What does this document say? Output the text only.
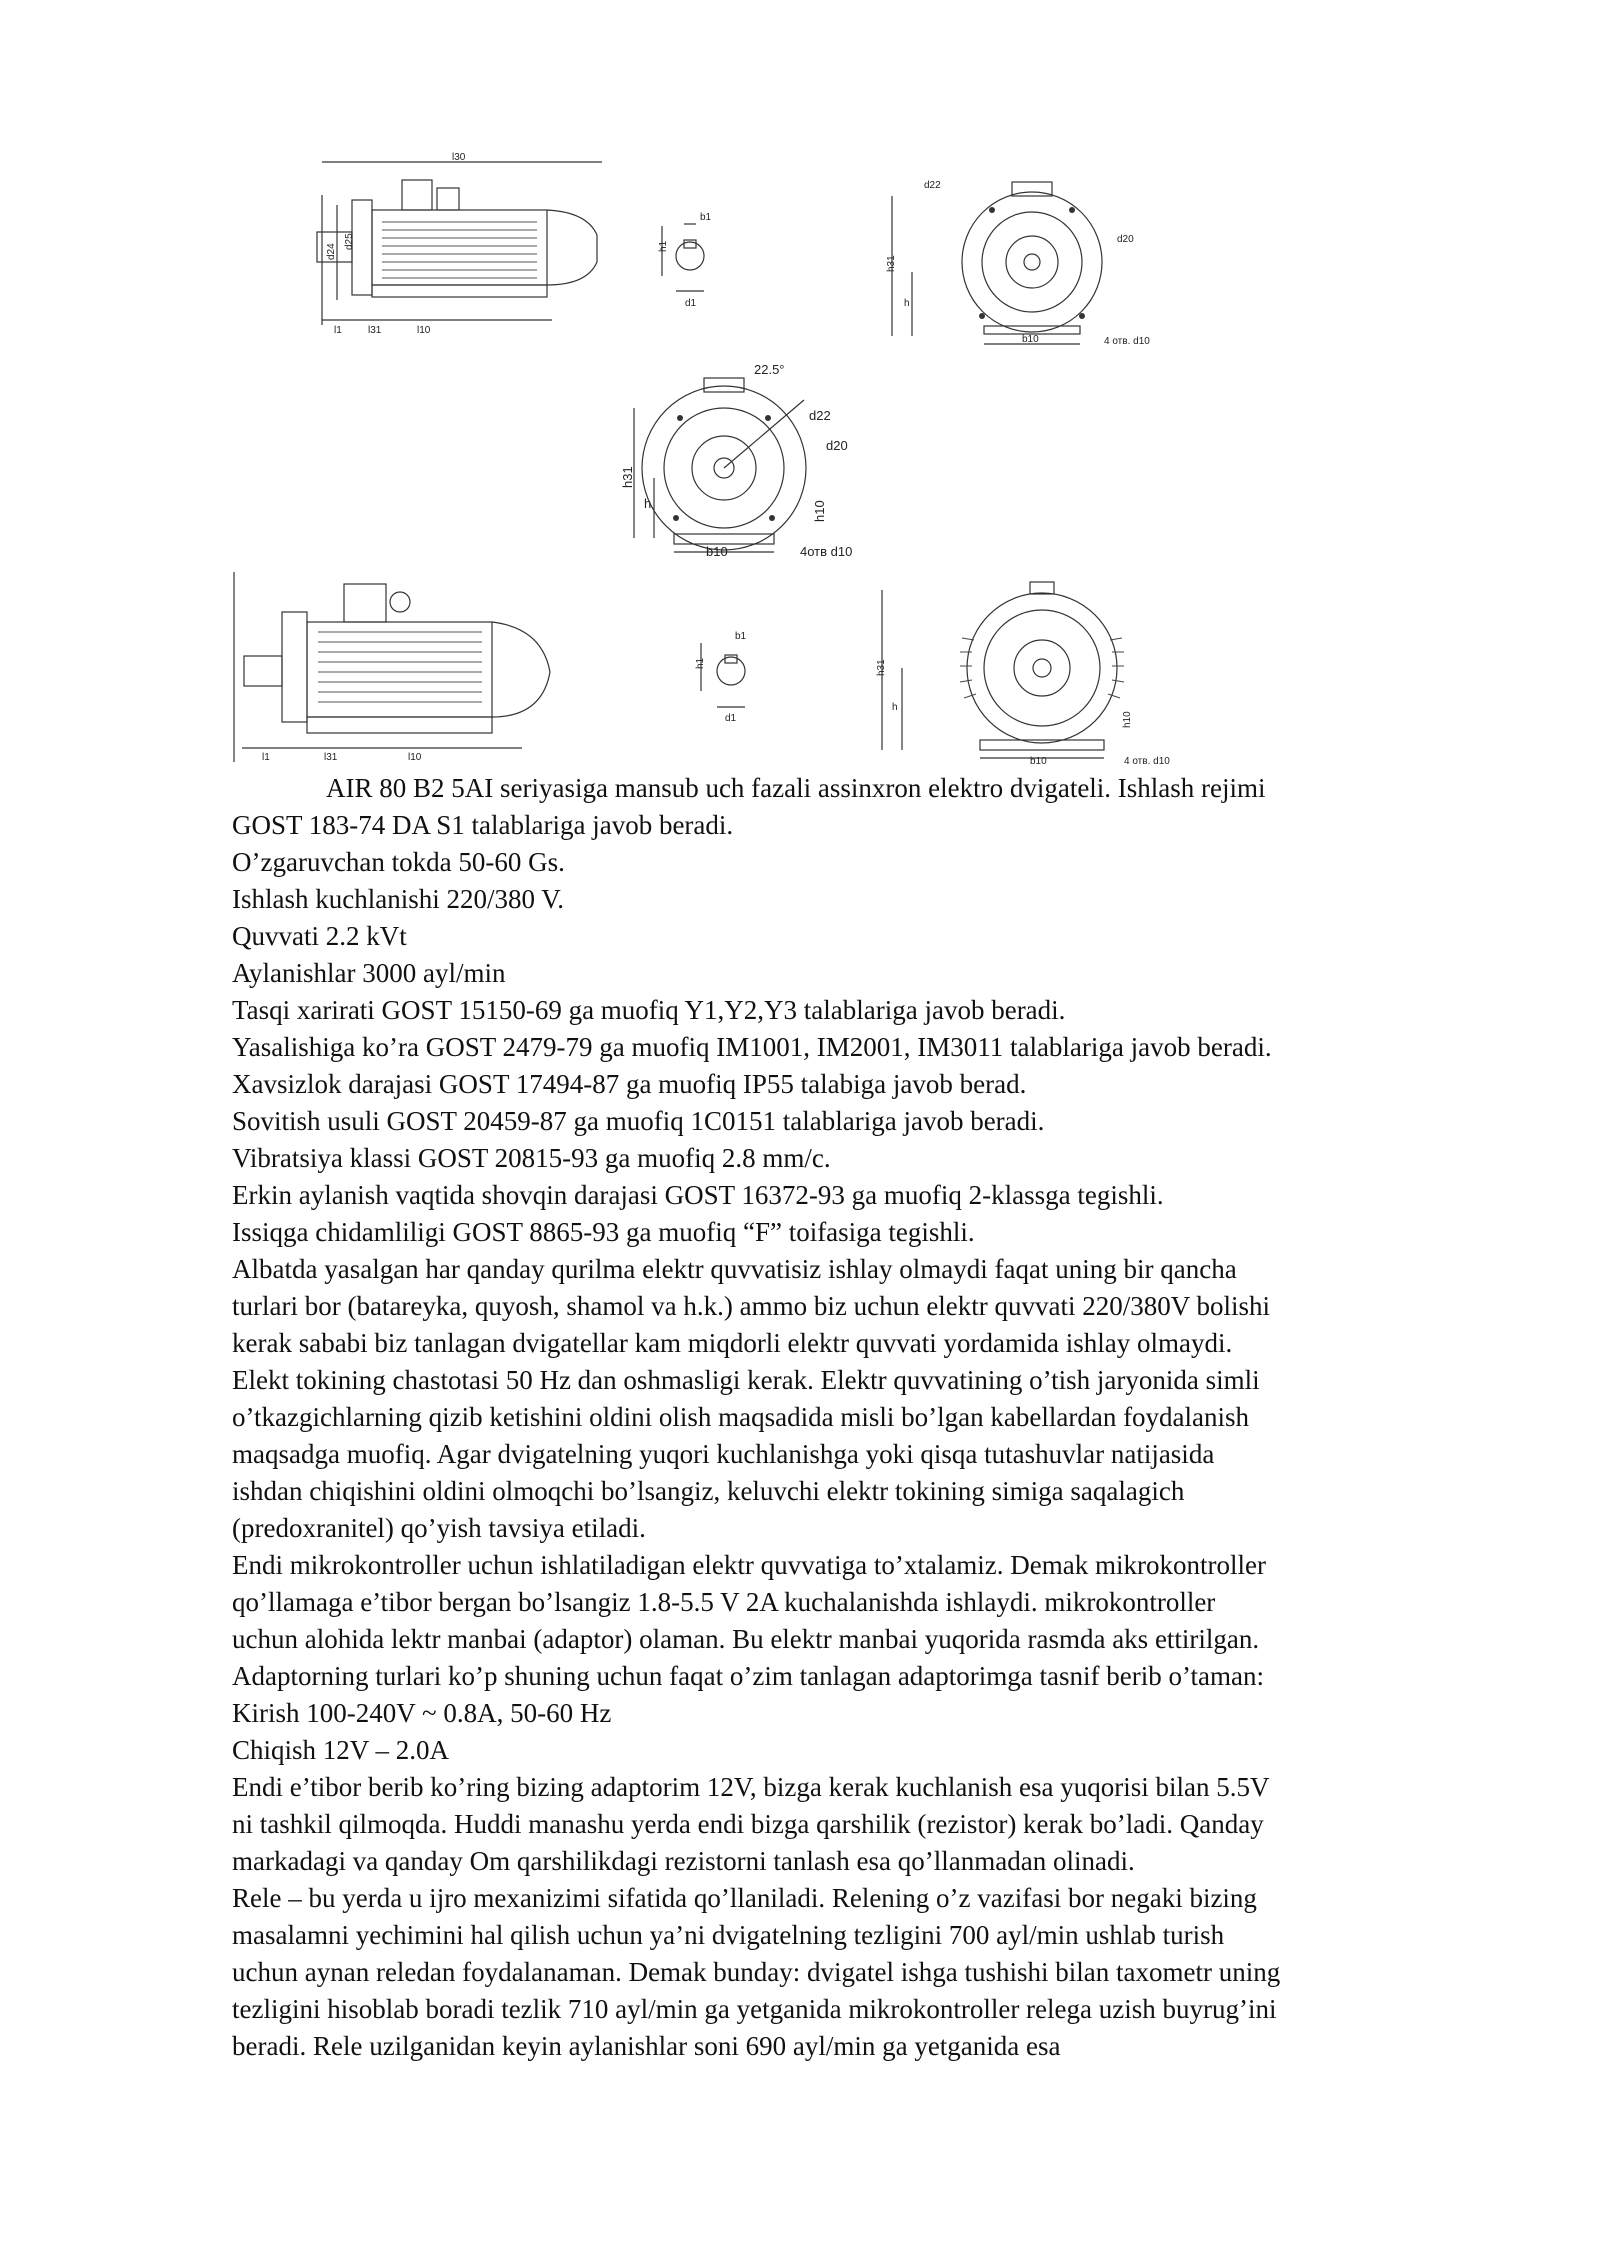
l30
d24
d25
l1	l31	l10
b1
h1
d1
d22
d20
h31
h
b10	4 отв. d10
22.5°
d22
d20
h31
h	h10
b10	4отв d10
l1	l31	l10
b1
h1
d1
h31
h
h10
b10	4 отв. d10

AIR 80 B2 5AI seriyasiga mansub uch fazali assinxron elektro dvigateli. Ishlash rejimi

GOST 183-74 DA S1 talablariga javob beradi.

O’zgaruvchan tokda 50-60 Gs.

Ishlash kuchlanishi 220/380 V.

Quvvati 2.2 kVt

Aylanishlar 3000 ayl/min

Tasqi xarirati GOST 15150-69 ga muofiq Y1,Y2,Y3 talablariga javob beradi.

Yasalishiga ko’ra GOST 2479-79 ga muofiq IM1001, IM2001, IM3011 talablariga javob beradi.

Xavsizlok darajasi GOST 17494-87 ga muofiq IP55 talabiga javob berad.

Sovitish usuli GOST 20459-87 ga muofiq 1C0151 talablariga javob beradi.

Vibratsiya klassi GOST 20815-93 ga muofiq 2.8 mm/c.

Erkin aylanish vaqtida shovqin darajasi GOST 16372-93 ga muofiq 2-klassga tegishli.

Issiqga chidamliligi GOST 8865-93 ga muofiq “F” toifasiga tegishli.

Albatda yasalgan har qanday qurilma elektr quvvatisiz ishlay olmaydi faqat uning bir qancha

turlari bor (batareyka, quyosh, shamol va h.k.) ammo biz uchun elektr quvvati 220/380V bolishi

kerak sababi biz tanlagan dvigatellar kam miqdorli elektr quvvati yordamida ishlay olmaydi.

Elekt tokining chastotasi 50 Hz dan oshmasligi kerak. Elektr quvvatining o’tish jaryonida simli

o’tkazgichlarning qizib ketishini oldini olish maqsadida misli bo’lgan kabellardan foydalanish

maqsadga muofiq. Agar dvigatelning yuqori kuchlanishga yoki qisqa tutashuvlar natijasida

ishdan chiqishini oldini olmoqchi bo’lsangiz, keluvchi elektr tokining simiga saqalagich

(predoxranitel) qo’yish tavsiya etiladi.

Endi mikrokontroller uchun ishlatiladigan elektr quvvatiga to’xtalamiz. Demak mikrokontroller

qo’llamaga e’tibor bergan bo’lsangiz 1.8-5.5 V 2A kuchalanishda ishlaydi. mikrokontroller

uchun alohida lektr manbai (adaptor) olaman. Bu elektr manbai yuqorida rasmda aks ettirilgan.

Adaptorning turlari ko’p shuning uchun faqat o’zim tanlagan adaptorimga tasnif berib o’taman:

Kirish 100-240V ~ 0.8A, 50-60 Hz

Chiqish 12V – 2.0A

Endi e’tibor berib ko’ring bizing adaptorim 12V, bizga kerak kuchlanish esa yuqorisi bilan 5.5V

ni tashkil qilmoqda. Huddi manashu yerda endi bizga qarshilik (rezistor) kerak bo’ladi. Qanday

markadagi va qanday Om qarshilikdagi rezistorni tanlash esa qo’llanmadan olinadi.

Rele – bu yerda u ijro mexanizimi sifatida qo’llaniladi. Relening o’z vazifasi bor negaki bizing

masalamni yechimini hal qilish uchun ya’ni dvigatelning tezligini 700 ayl/min ushlab turish

uchun aynan reledan foydalanaman. Demak bunday: dvigatel ishga tushishi bilan taxometr uning

tezligini hisoblab boradi tezlik 710 ayl/min ga yetganida mikrokontroller relega uzish buyrug’ini

beradi. Rele uzilganidan keyin aylanishlar soni 690 ayl/min ga yetganida esa
